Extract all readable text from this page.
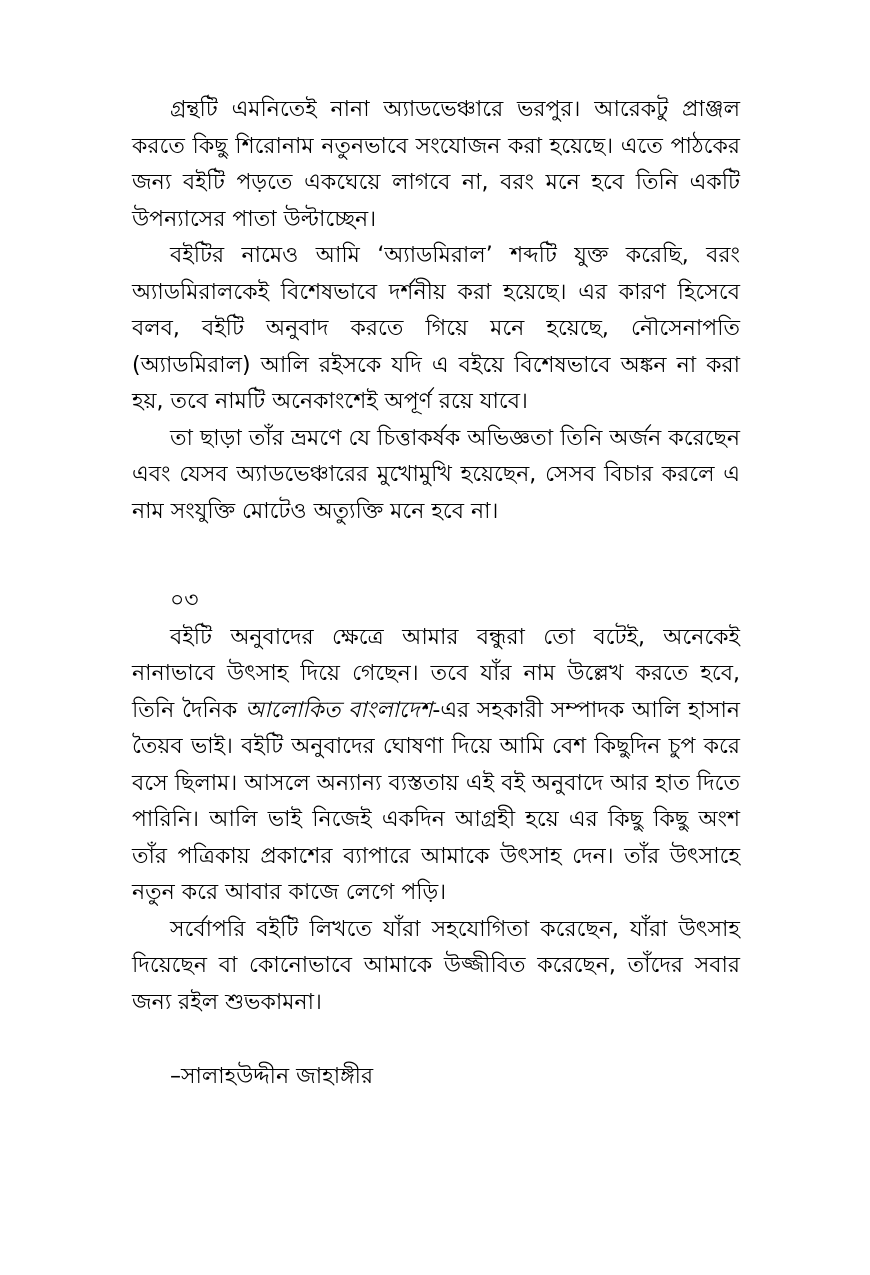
গ্রন্থটি এমনিতেই নানা অ্যাডভেঞ্চারে ভরপুর। আরেকটু প্রাঞ্জল করতে কিছু শিরোনাম নতুনভাবে সংযোজন করা হয়েছে। এতে পাঠকের জন্য বইটি পড়তে একঘেয়ে লাগবে না, বরং মনে হবে তিনি একটি উপন্যাসের পাতা উল্টাচ্ছেন।

বইটির নামেও আমি ‘অ্যাডমিরাল’ শব্দটি যুক্ত করেছি, বরং অ্যাডমিরালকেই বিশেষভাবে দর্শনীয় করা হয়েছে। এর কারণ হিসেবে বলব, বইটি অনুবাদ করতে গিয়ে মনে হয়েছে, নৌসেনাপতি (অ্যাডমিরাল) আলি রইসকে যদি এ বইয়ে বিশেষভাবে অঙ্কন না করা হয়, তবে নামটি অনেকাংশেই অপূর্ণ রয়ে যাবে।

তা ছাড়া তাঁর ভ্রমণে যে চিত্তাকর্ষক অভিজ্ঞতা তিনি অর্জন করেছেন এবং যেসব অ্যাডভেঞ্চারের মুখোমুখি হয়েছেন, সেসব বিচার করলে এ নাম সংযুক্তি মোটেও অত্যুক্তি মনে হবে না।

০৩

বইটি অনুবাদের ক্ষেত্রে আমার বন্ধুরা তো বটেই, অনেকেই নানাভাবে উৎসাহ দিয়ে গেছেন। তবে যাঁর নাম উল্লেখ করতে হবে, তিনি দৈনিক আলোকিত বাংলাদেশ-এর সহকারী সম্পাদক আলি হাসান তৈয়ব ভাই। বইটি অনুবাদের ঘোষণা দিয়ে আমি বেশ কিছুদিন চুপ করে বসে ছিলাম। আসলে অন্যান্য ব্যস্ততায় এই বই অনুবাদে আর হাত দিতে পারিনি। আলি ভাই নিজেই একদিন আগ্রহী হয়ে এর কিছু কিছু অংশ তাঁর পত্রিকায় প্রকাশের ব্যাপারে আমাকে উৎসাহ দেন। তাঁর উৎসাহে নতুন করে আবার কাজে লেগে পড়ি।

সর্বোপরি বইটি লিখতে যাঁরা সহযোগিতা করেছেন, যাঁরা উৎসাহ দিয়েছেন বা কোনোভাবে আমাকে উজ্জীবিত করেছেন, তাঁদের সবার জন্য রইল শুভকামনা।

–সালাহউদ্দীন জাহাঙ্গীর
